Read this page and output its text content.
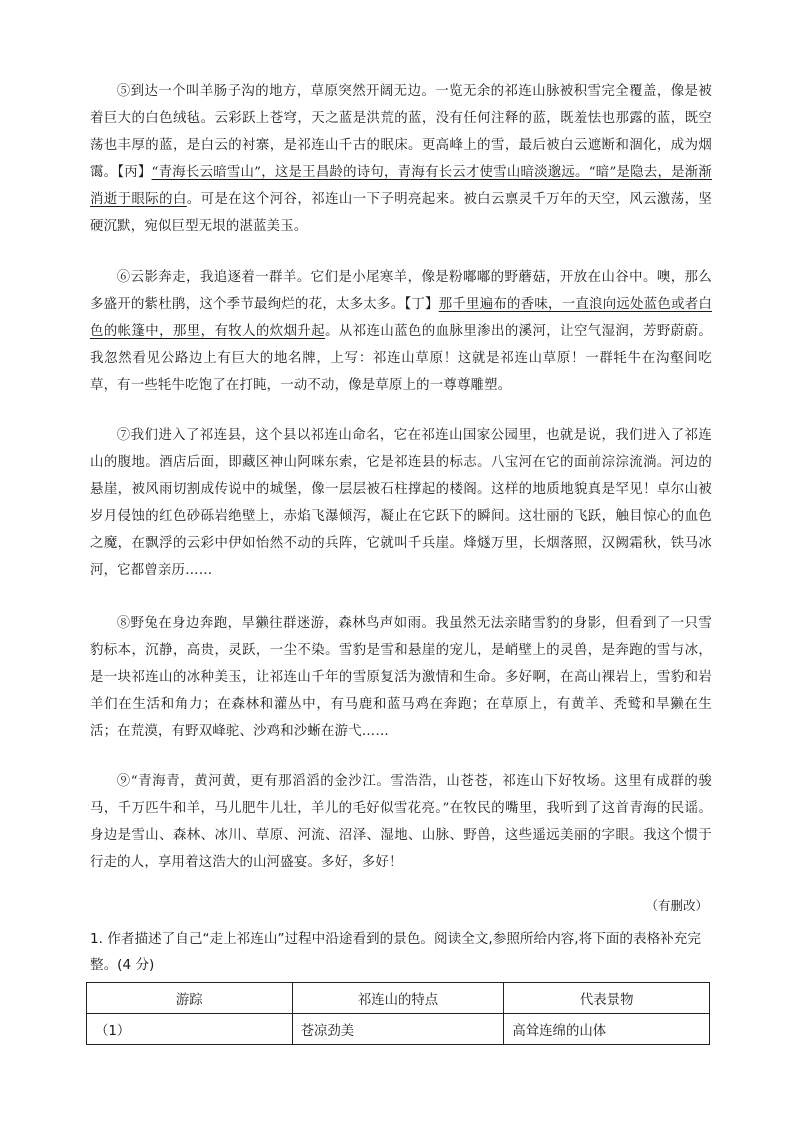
⑤到达一个叫羊肠子沟的地方，草原突然开阔无边。一览无余的祁连山脉被积雪完全覆盖，像是被着巨大的白色绒毡。云彩跃上苍穹，天之蓝是洪荒的蓝，没有任何注释的蓝，既羞怯也那露的蓝，既空荡也丰厚的蓝，是白云的衬寨，是祁连山千古的眠床。更高峰上的雪，最后被白云遮断和涸化，成为烟霭。【丙】“青海长云暗雪山”，这是王昌龄的诗句，青海有长云才使雪山暗淡邈远。“暗”是隐去，是渐渐消逝于眼际的白。可是在这个河谷，祁连山一下子明亮起来。被白云禀灵千万年的天空，风云激荡，坚硬沉默，宛似巨型无垠的湛蓝美玉。

⑥云影奔走，我追逐着一群羊。它们是小尾寒羊，像是粉嘟嘟的野蘑菇，开放在山谷中。噢，那么多盛开的紫杜鹃，这个季节最绚烂的花，太多太多。【丁】那千里遍布的香味，一直浪向远处蓝色或者白色的帐篷中，那里，有牧人的炊烟升起。从祁连山蓝色的血脉里渗出的溪河，让空气湿润，芳野蔚蔚。我忽然看见公路边上有巨大的地名牌，上写：祁连山草原！这就是祁连山草原！一群牦牛在沟壑间吃草，有一些牦牛吃饱了在打盹，一动不动，像是草原上的一尊尊雕塑。

⑦我们进入了祁连县，这个县以祁连山命名，它在祁连山国家公园里，也就是说，我们进入了祁连山的腹地。酒店后面，即藏区神山阿咪东索，它是祁连县的标志。八宝河在它的面前淙淙流淌。河边的悬崖，被风雨切割成传说中的城堡，像一层层被石柱撑起的楼阁。这样的地质地貌真是罕见！卓尔山被岁月侵蚀的红色砂砾岩绝壁上，赤焰飞瀑倾泻，凝止在它跃下的瞬间。这壮丽的飞跃，触目惊心的血色之魔，在飘浮的云彩中伊如怡然不动的兵阵，它就叫千兵崖。烽燧万里，长烟落照，汉阙霜秋，铁马冰河，它都曾亲历……

⑧野兔在身边奔跑，旱獭往群迷游，森林鸟声如雨。我虽然无法亲睹雪豹的身影，但看到了一只雪豹标本，沉静，高贵，灵跃，一尘不染。雪豹是雪和悬崖的宠儿，是峭壁上的灵兽，是奔跑的雪与冰，是一块祁连山的冰种美玉，让祁连山千年的雪原复活为激情和生命。多好啊，在高山裸岩上，雪豹和岩羊们在生活和角力；在森林和灌丛中，有马鹿和蓝马鸡在奔跑；在草原上，有黄羊、秃鹫和旱獭在生活；在荒漠，有野双峰驼、沙鸡和沙蜥在游弋……

⑨“青海青，黄河黄，更有那滔滔的金沙江。雪浩浩，山苍苍，祁连山下好牧场。这里有成群的骏马，千万匹牛和羊，马儿肥牛儿壮，羊儿的毛好似雪花亮。”在牧民的嘴里，我听到了这首青海的民谣。身边是雪山、森林、冰川、草原、河流、沼泽、湿地、山脉、野兽，这些遥远美丽的字眼。我这个惯于行走的人，享用着这浩大的山河盛宴。多好，多好！

（有删改）
1. 作者描述了自己“走上祁连山”过程中沿途看到的景色。阅读全文,参照所给内容,将下面的表格补充完整。(4 分)
游踪	祁连山的特点	代表景物
（1）	苍凉劲美	高耸连绵的山体
